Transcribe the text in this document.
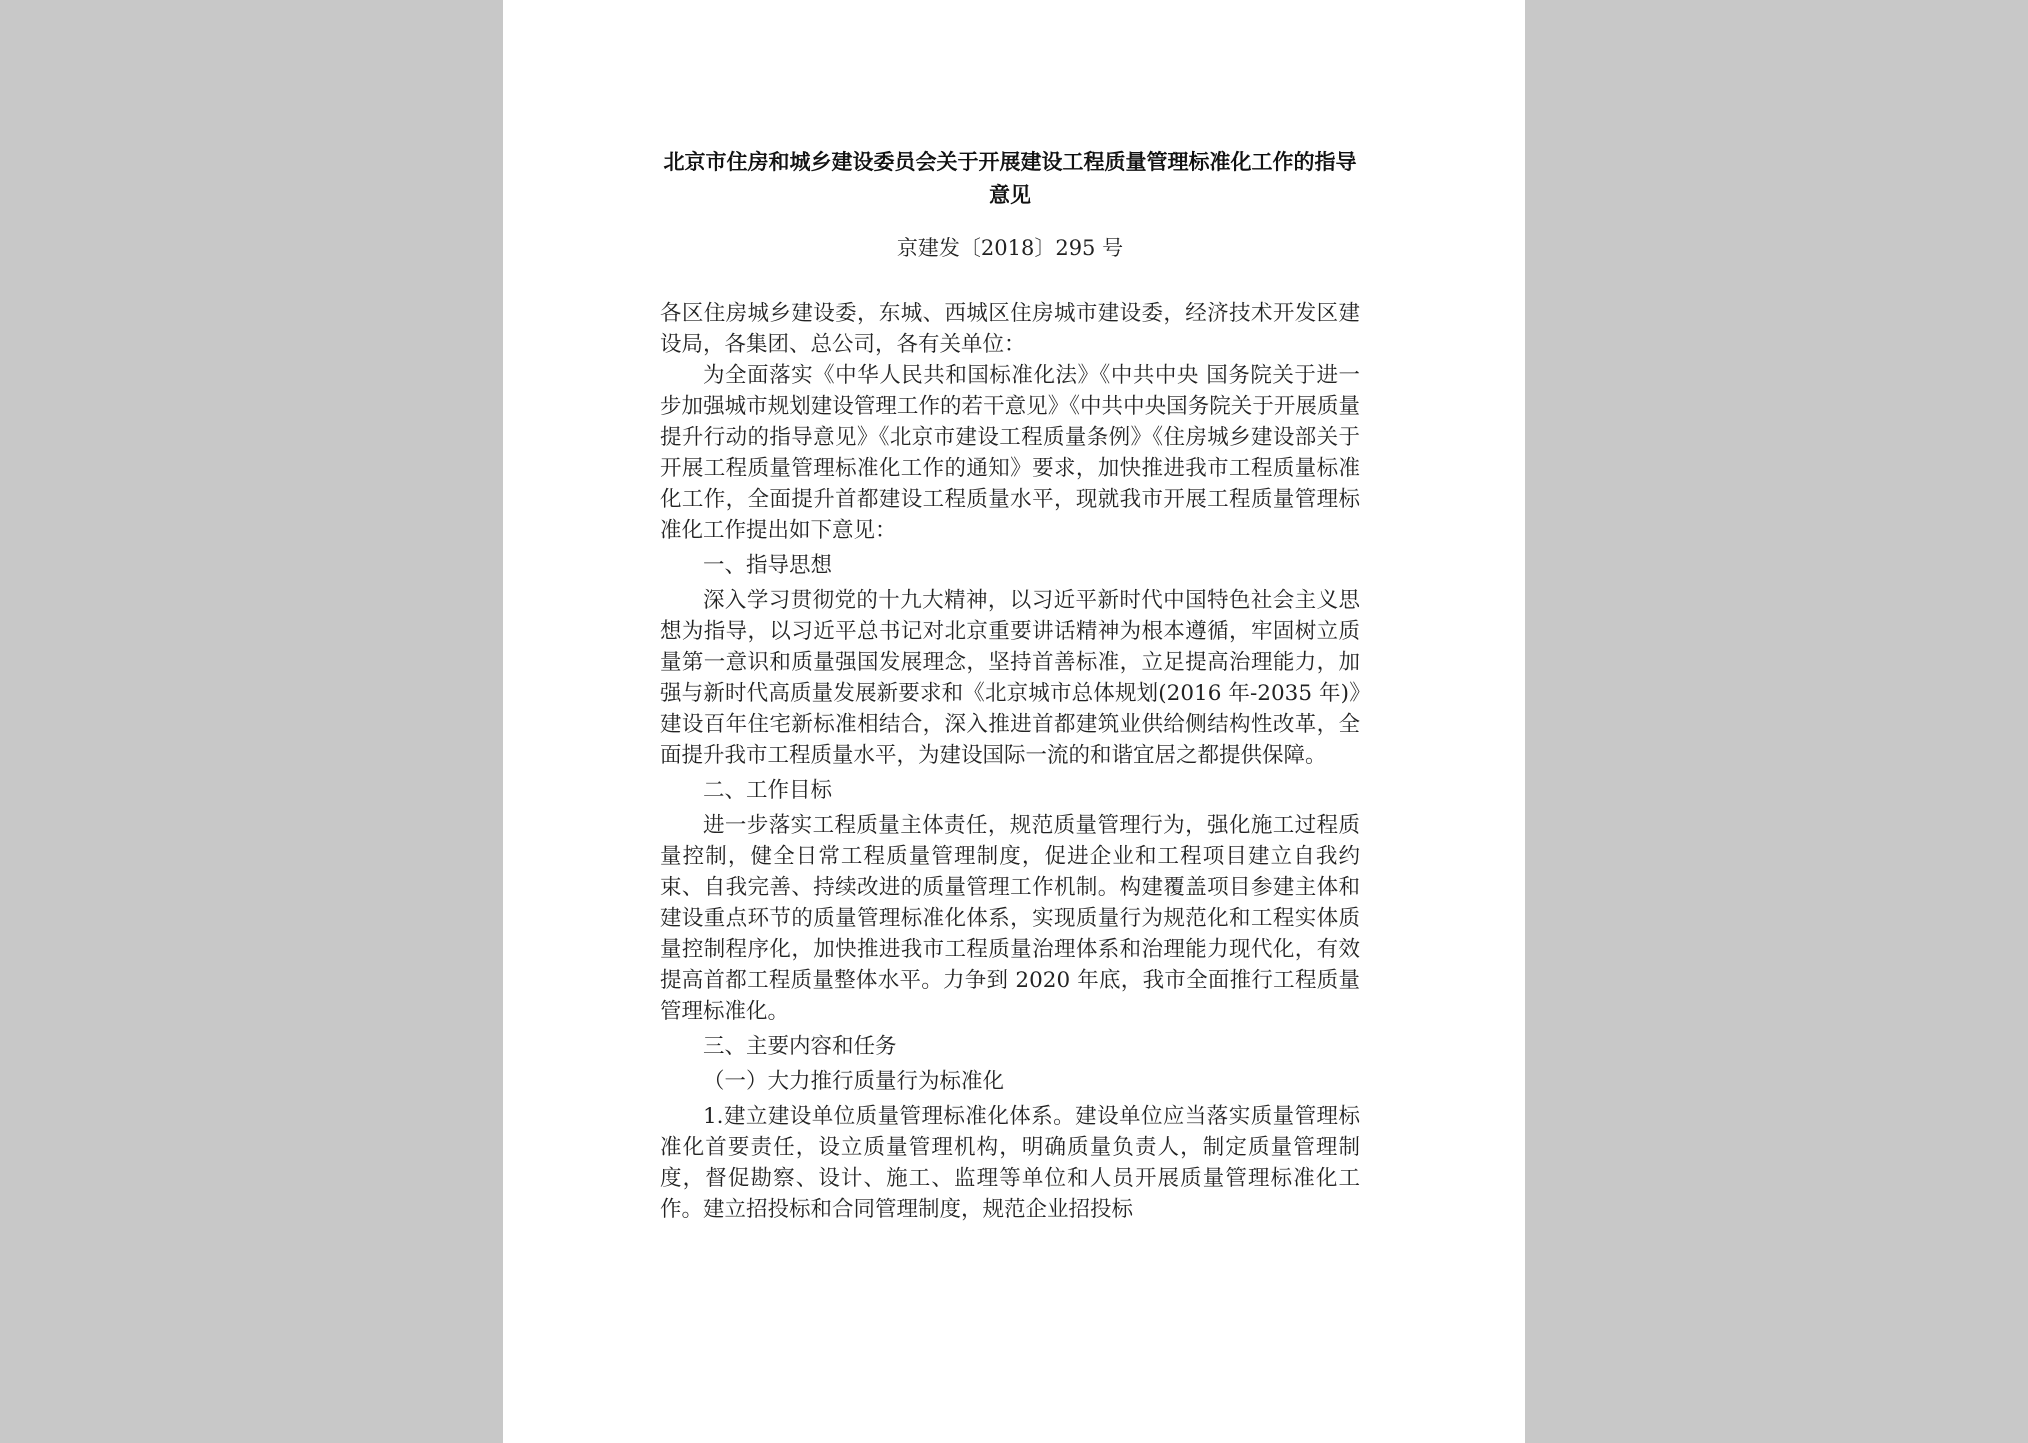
北京市住房和城乡建设委员会关于开展建设工程质量管理标准化工作的指导意见

京建发〔2018〕295 号

各区住房城乡建设委，东城、西城区住房城市建设委，经济技术开发区建设局，各集团、总公司，各有关单位：

为全面落实《中华人民共和国标准化法》《中共中央 国务院关于进一步加强城市规划建设管理工作的若干意见》《中共中央国务院关于开展质量提升行动的指导意见》《北京市建设工程质量条例》《住房城乡建设部关于开展工程质量管理标准化工作的通知》要求，加快推进我市工程质量标准化工作，全面提升首都建设工程质量水平，现就我市开展工程质量管理标准化工作提出如下意见：

一、指导思想

深入学习贯彻党的十九大精神，以习近平新时代中国特色社会主义思想为指导，以习近平总书记对北京重要讲话精神为根本遵循，牢固树立质量第一意识和质量强国发展理念，坚持首善标准，立足提高治理能力，加强与新时代高质量发展新要求和《北京城市总体规划(2016 年-2035 年)》建设百年住宅新标准相结合，深入推进首都建筑业供给侧结构性改革，全面提升我市工程质量水平，为建设国际一流的和谐宜居之都提供保障。

二、工作目标

进一步落实工程质量主体责任，规范质量管理行为，强化施工过程质量控制，健全日常工程质量管理制度，促进企业和工程项目建立自我约束、自我完善、持续改进的质量管理工作机制。构建覆盖项目参建主体和建设重点环节的质量管理标准化体系，实现质量行为规范化和工程实体质量控制程序化，加快推进我市工程质量治理体系和治理能力现代化，有效提高首都工程质量整体水平。力争到 2020 年底，我市全面推行工程质量管理标准化。

三、主要内容和任务

（一）大力推行质量行为标准化

1.建立建设单位质量管理标准化体系。建设单位应当落实质量管理标准化首要责任，设立质量管理机构，明确质量负责人，制定质量管理制度，督促勘察、设计、施工、监理等单位和人员开展质量管理标准化工作。建立招投标和合同管理制度，规范企业招投标
